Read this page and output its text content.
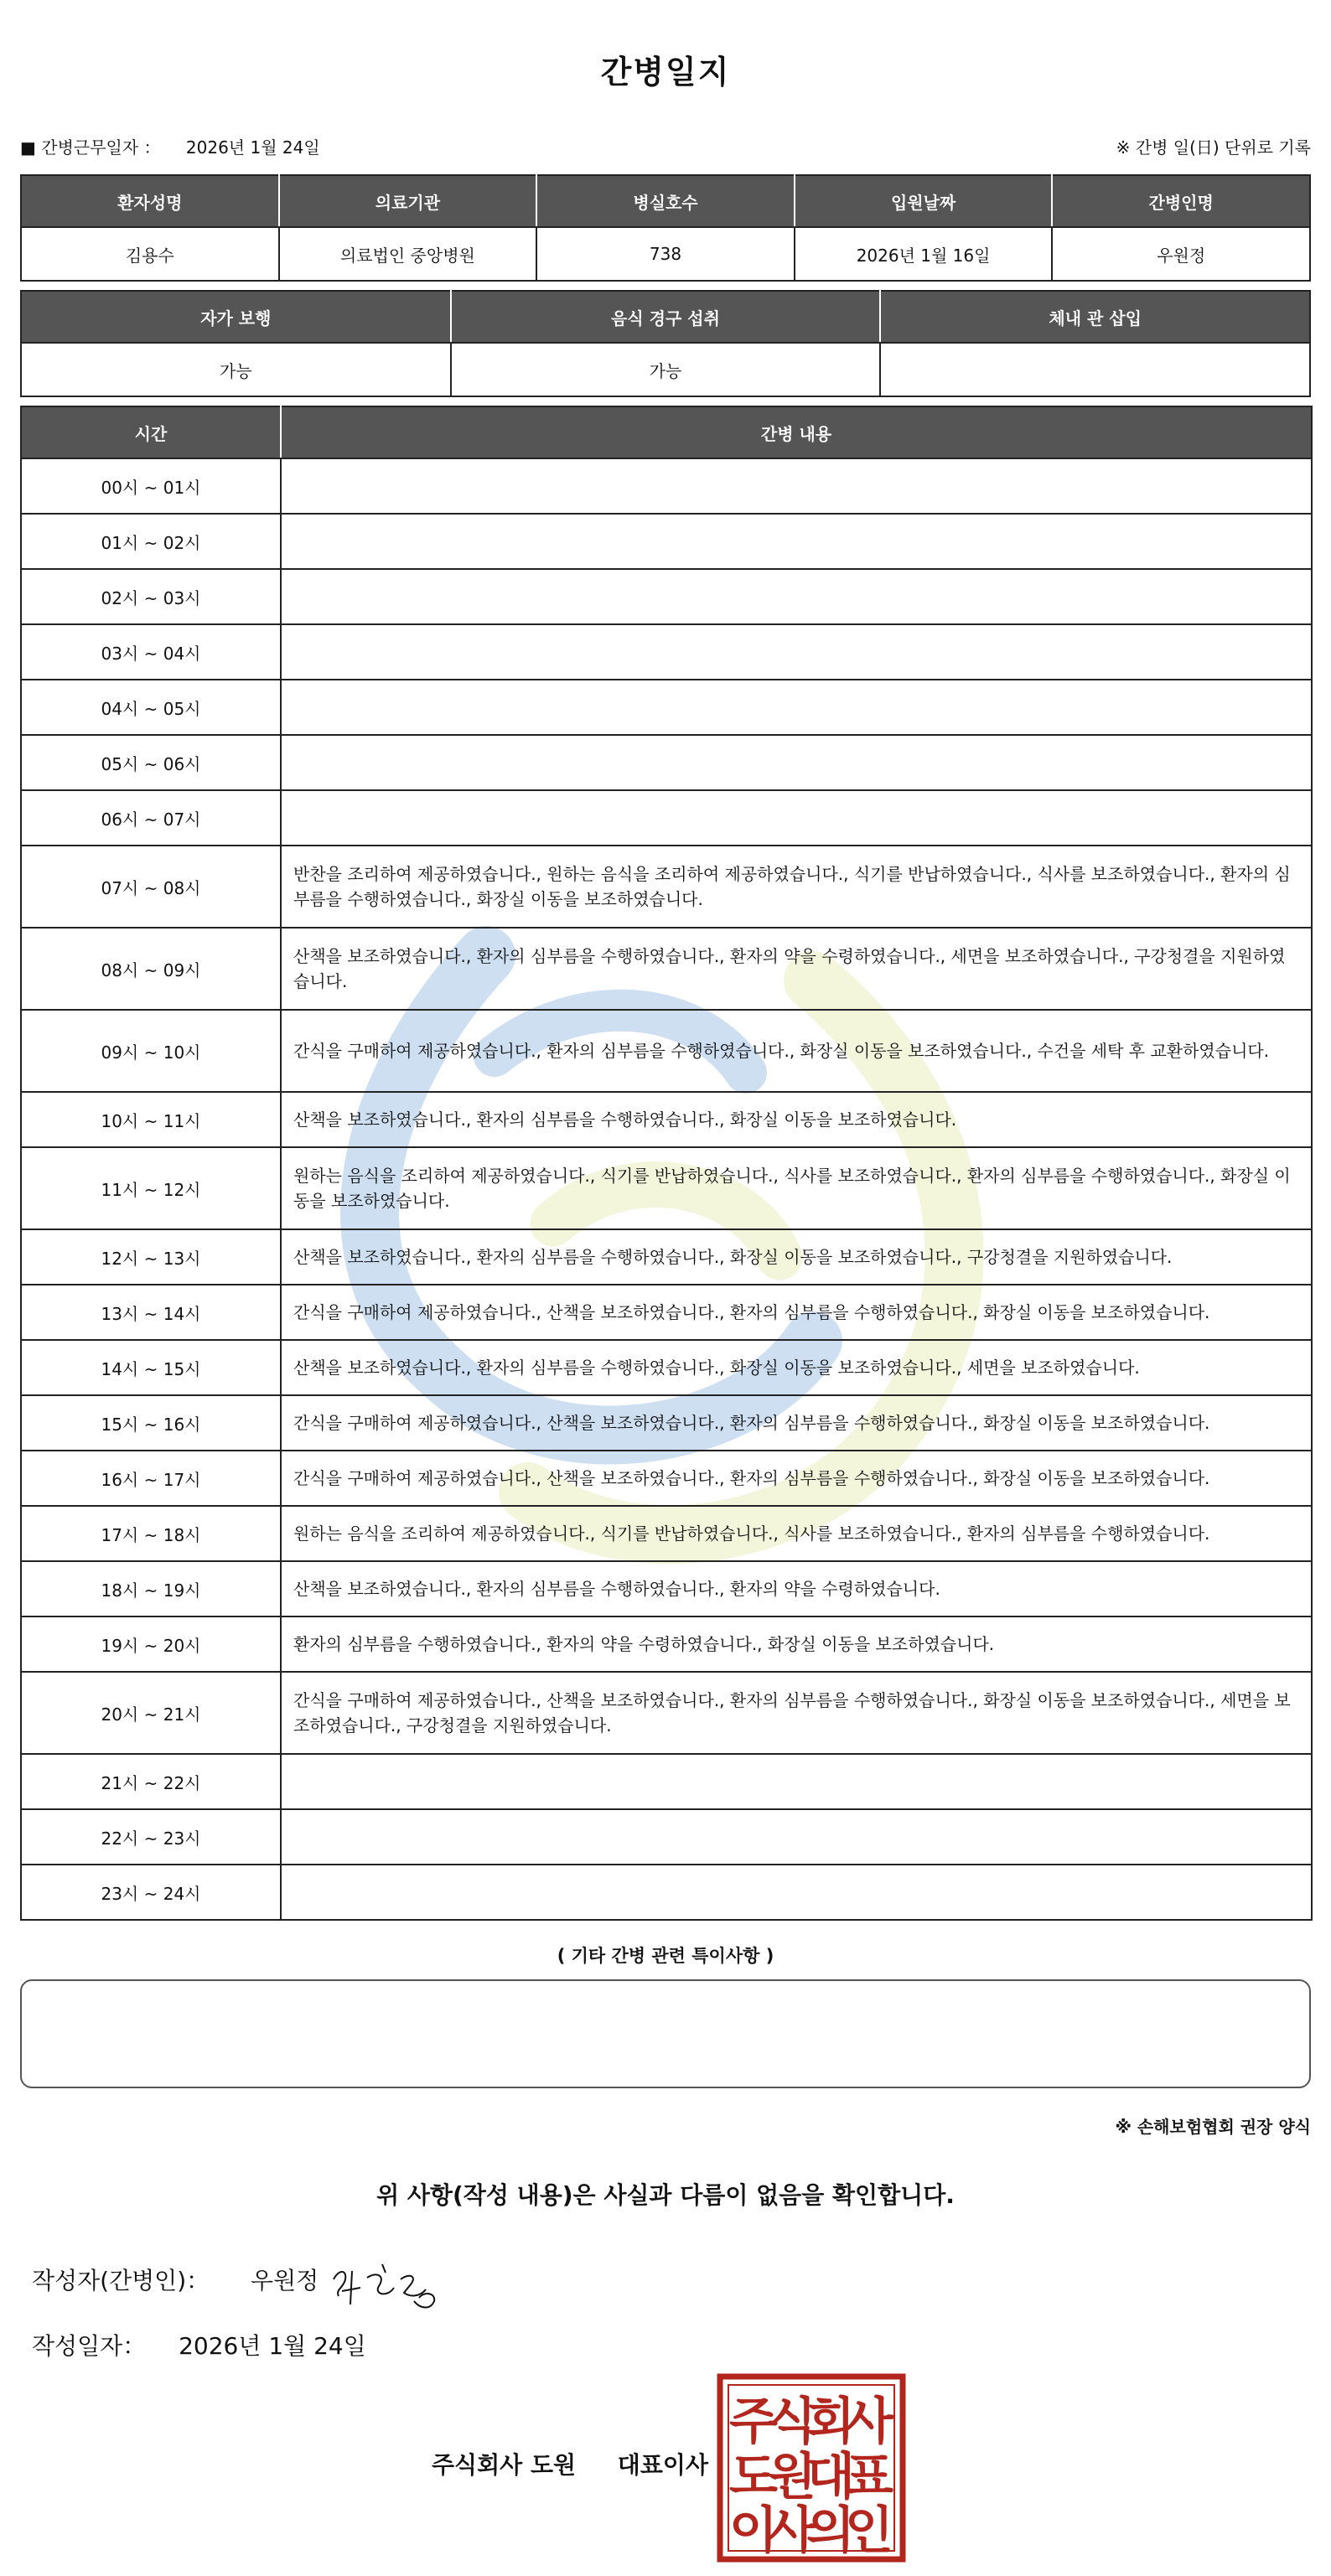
간병일지
■ 간병근무일자 ： 2026년 1월 24일	※ 간병 일(日) 단위로 기록
환자성명	의료기관	병실호수	입원날짜	간병인명
김용수	의료법인 중앙병원	738	2026년 1월 16일	우원정
자가 보행	음식 경구 섭취	체내 관 삽입
가능	가능	
시간	간병 내용
00시 ~ 01시	
01시 ~ 02시	
02시 ~ 03시	
03시 ~ 04시	
04시 ~ 05시	
05시 ~ 06시	
06시 ~ 07시	
07시 ~ 08시	반찬을 조리하여 제공하였습니다., 원하는 음식을 조리하여 제공하였습니다., 식기를 반납하였습니다., 식사를 보조하였습니다., 환자의 심부름을 수행하였습니다., 화장실 이동을 보조하였습니다.
08시 ~ 09시	산책을 보조하였습니다., 환자의 심부름을 수행하였습니다., 환자의 약을 수령하였습니다., 세면을 보조하였습니다., 구강청결을 지원하였습니다.
09시 ~ 10시	간식을 구매하여 제공하였습니다., 환자의 심부름을 수행하였습니다., 화장실 이동을 보조하였습니다., 수건을 세탁 후 교환하였습니다.
10시 ~ 11시	산책을 보조하였습니다., 환자의 심부름을 수행하였습니다., 화장실 이동을 보조하였습니다.
11시 ~ 12시	원하는 음식을 조리하여 제공하였습니다., 식기를 반납하였습니다., 식사를 보조하였습니다., 환자의 심부름을 수행하였습니다., 화장실 이동을 보조하였습니다.
12시 ~ 13시	산책을 보조하였습니다., 환자의 심부름을 수행하였습니다., 화장실 이동을 보조하였습니다., 구강청결을 지원하였습니다.
13시 ~ 14시	간식을 구매하여 제공하였습니다., 산책을 보조하였습니다., 환자의 심부름을 수행하였습니다., 화장실 이동을 보조하였습니다.
14시 ~ 15시	산책을 보조하였습니다., 환자의 심부름을 수행하였습니다., 화장실 이동을 보조하였습니다., 세면을 보조하였습니다.
15시 ~ 16시	간식을 구매하여 제공하였습니다., 산책을 보조하였습니다., 환자의 심부름을 수행하였습니다., 화장실 이동을 보조하였습니다.
16시 ~ 17시	간식을 구매하여 제공하였습니다., 산책을 보조하였습니다., 환자의 심부름을 수행하였습니다., 화장실 이동을 보조하였습니다.
17시 ~ 18시	원하는 음식을 조리하여 제공하였습니다., 식기를 반납하였습니다., 식사를 보조하였습니다., 환자의 심부름을 수행하였습니다.
18시 ~ 19시	산책을 보조하였습니다., 환자의 심부름을 수행하였습니다., 환자의 약을 수령하였습니다.
19시 ~ 20시	환자의 심부름을 수행하였습니다., 환자의 약을 수령하였습니다., 화장실 이동을 보조하였습니다.
20시 ~ 21시	간식을 구매하여 제공하였습니다., 산책을 보조하였습니다., 환자의 심부름을 수행하였습니다., 화장실 이동을 보조하였습니다., 세면을 보조하였습니다., 구강청결을 지원하였습니다.
21시 ~ 22시	
22시 ~ 23시	
23시 ~ 24시	
( 기타 간병 관련 특이사항 )
※ 손해보험협회 권장 양식
위 사항(작성 내용)은 사실과 다름이 없음을 확인합니다.
작성자(간병인)： 우원정
작성일자： 2026년 1월 24일
주식회사 도원 대표이사
주
식
회
사
도
원
대
표
이
사
의
인
